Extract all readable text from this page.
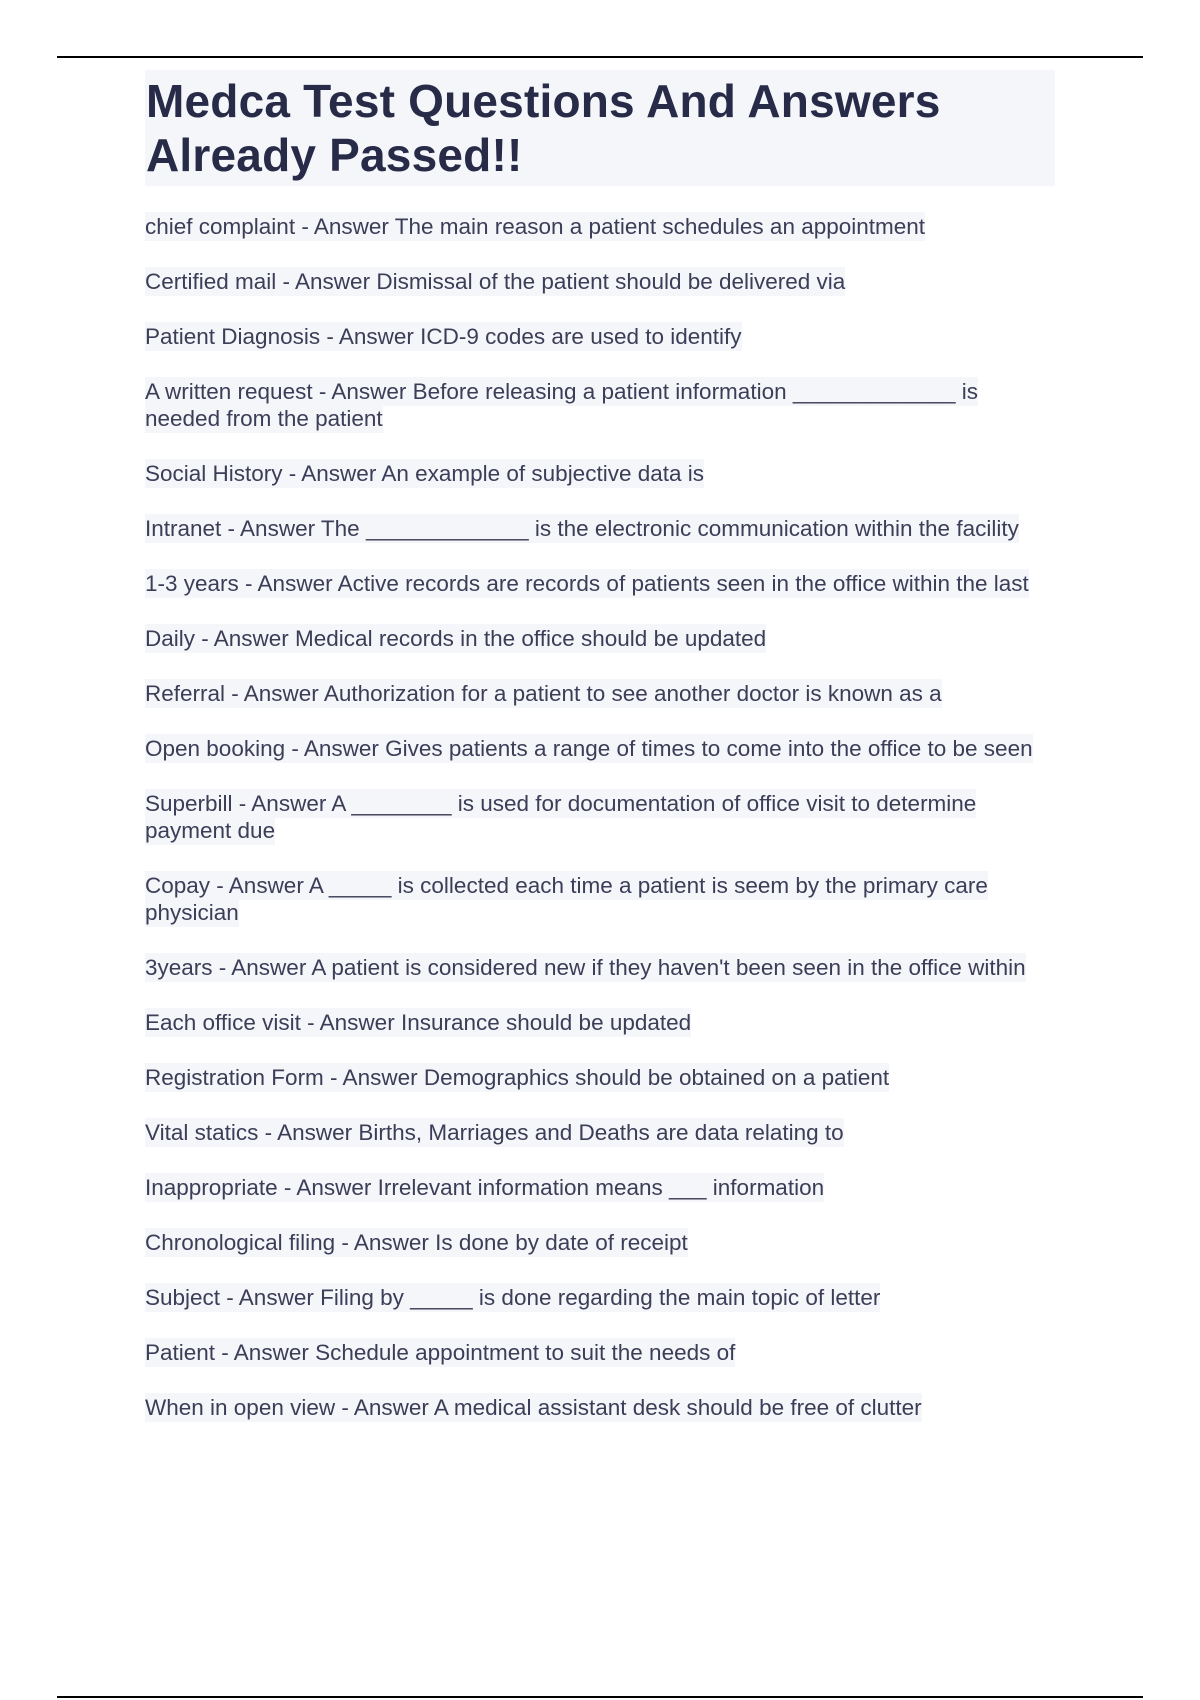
Medca Test Questions And Answers Already Passed!!
chief complaint - Answer The main reason a patient schedules an appointment
Certified mail - Answer Dismissal of the patient should be delivered via
Patient Diagnosis - Answer ICD-9 codes are used to identify
A written request - Answer Before releasing a patient information _____________ is needed from the patient
Social History - Answer An example of subjective data is
Intranet - Answer The _____________ is the electronic communication within the facility
1-3 years - Answer Active records are records of patients seen in the office within the last
Daily - Answer Medical records in the office should be updated
Referral - Answer Authorization for a patient to see another doctor is known as a
Open booking - Answer Gives patients a range of times to come into the office to be seen
Superbill - Answer A ________ is used for documentation of office visit to determine payment due
Copay - Answer A _____ is collected each time a patient is seem by the primary care physician
3years - Answer A patient is considered new if they haven't been seen in the office within
Each office visit - Answer Insurance should be updated
Registration Form - Answer Demographics should be obtained on a patient
Vital statics - Answer Births, Marriages and Deaths are data relating to
Inappropriate - Answer Irrelevant information means ___ information
Chronological filing - Answer Is done by date of receipt
Subject - Answer Filing by _____ is done regarding the main topic of letter
Patient - Answer Schedule appointment to suit the needs of
When in open view - Answer A medical assistant desk should be free of clutter
